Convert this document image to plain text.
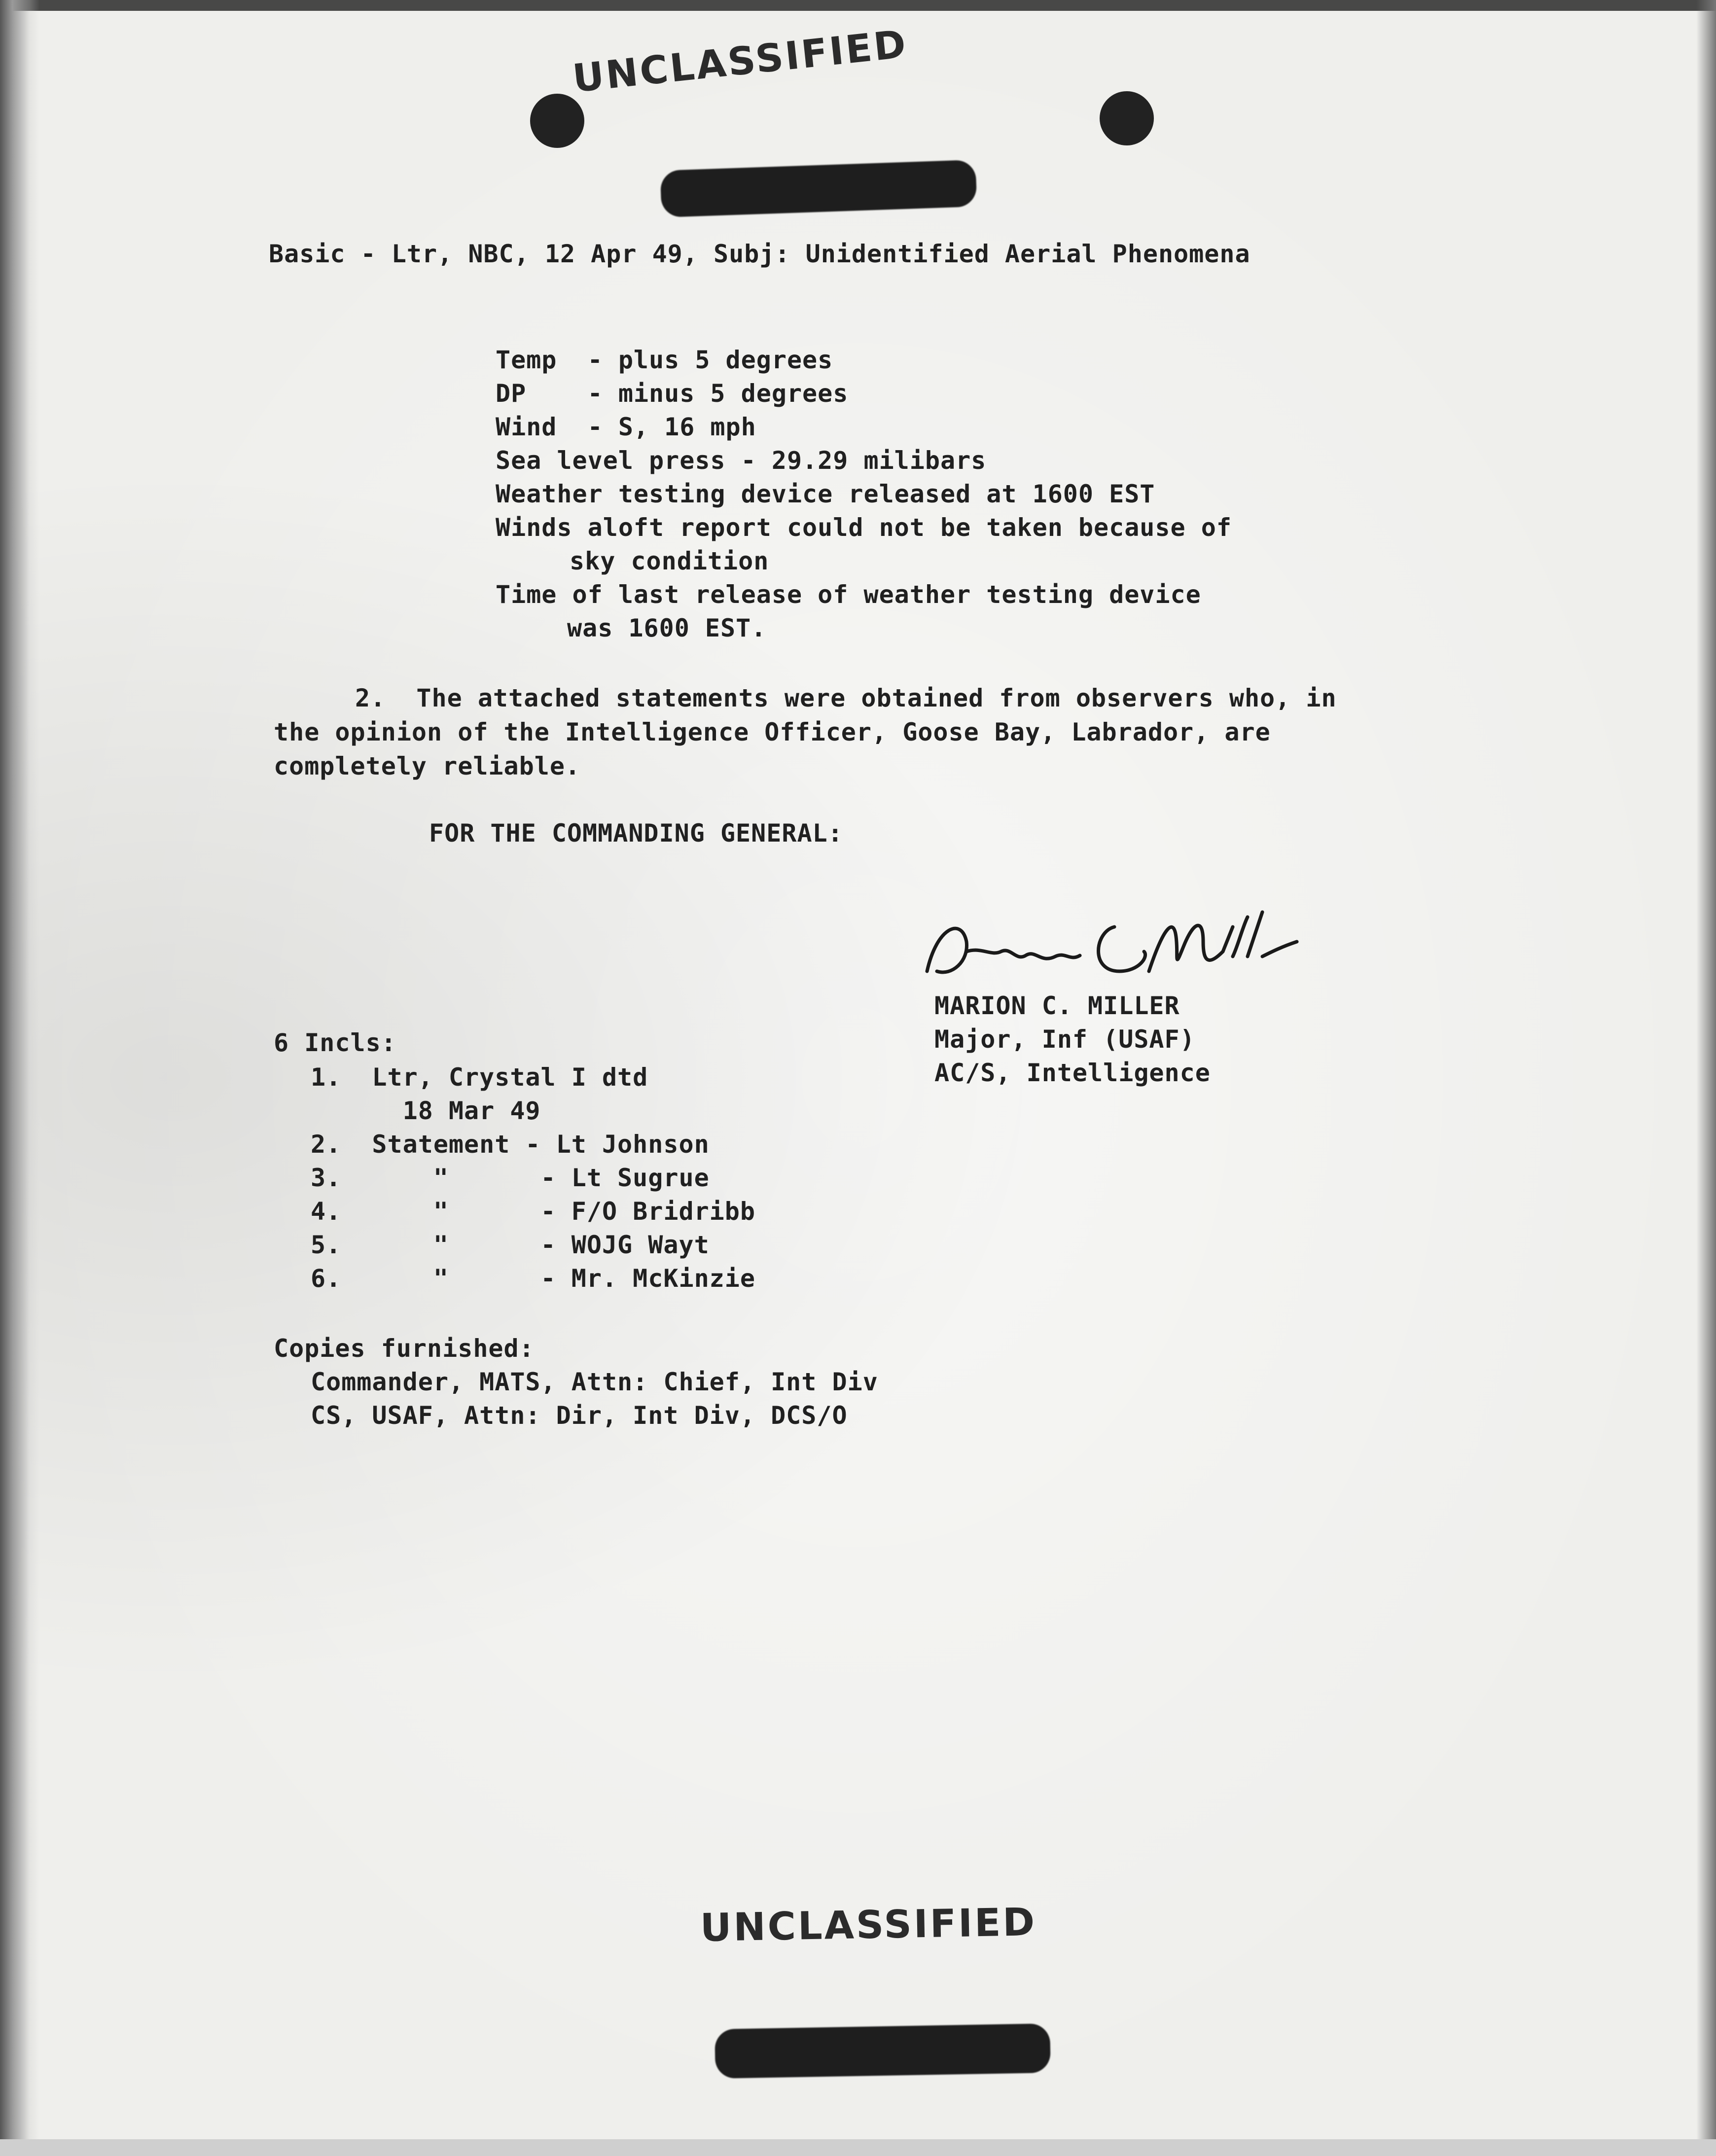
UNCLASSIFIED
Basic - Ltr, NBC, 12 Apr 49, Subj: Unidentified Aerial Phenomena
Temp  - plus 5 degrees
DP    - minus 5 degrees
Wind  - S, 16 mph
Sea level press - 29.29 milibars
Weather testing device released at 1600 EST
Winds aloft report could not be taken because of
sky condition
Time of last release of weather testing device
was 1600 EST.
2.  The attached statements were obtained from observers who, in
the opinion of the Intelligence Officer, Goose Bay, Labrador, are
completely reliable.
FOR THE COMMANDING GENERAL:
MARION C. MILLER
Major, Inf (USAF)
AC/S, Intelligence
6 Incls:
1.  Ltr, Crystal I dtd
18 Mar 49
2.  Statement - Lt Johnson
3.      "      - Lt Sugrue
4.      "      - F/O Bridribb
5.      "      - WOJG Wayt
6.      "      - Mr. McKinzie
Copies furnished:
Commander, MATS, Attn: Chief, Int Div
CS, USAF, Attn: Dir, Int Div, DCS/O
UNCLASSIFIED
